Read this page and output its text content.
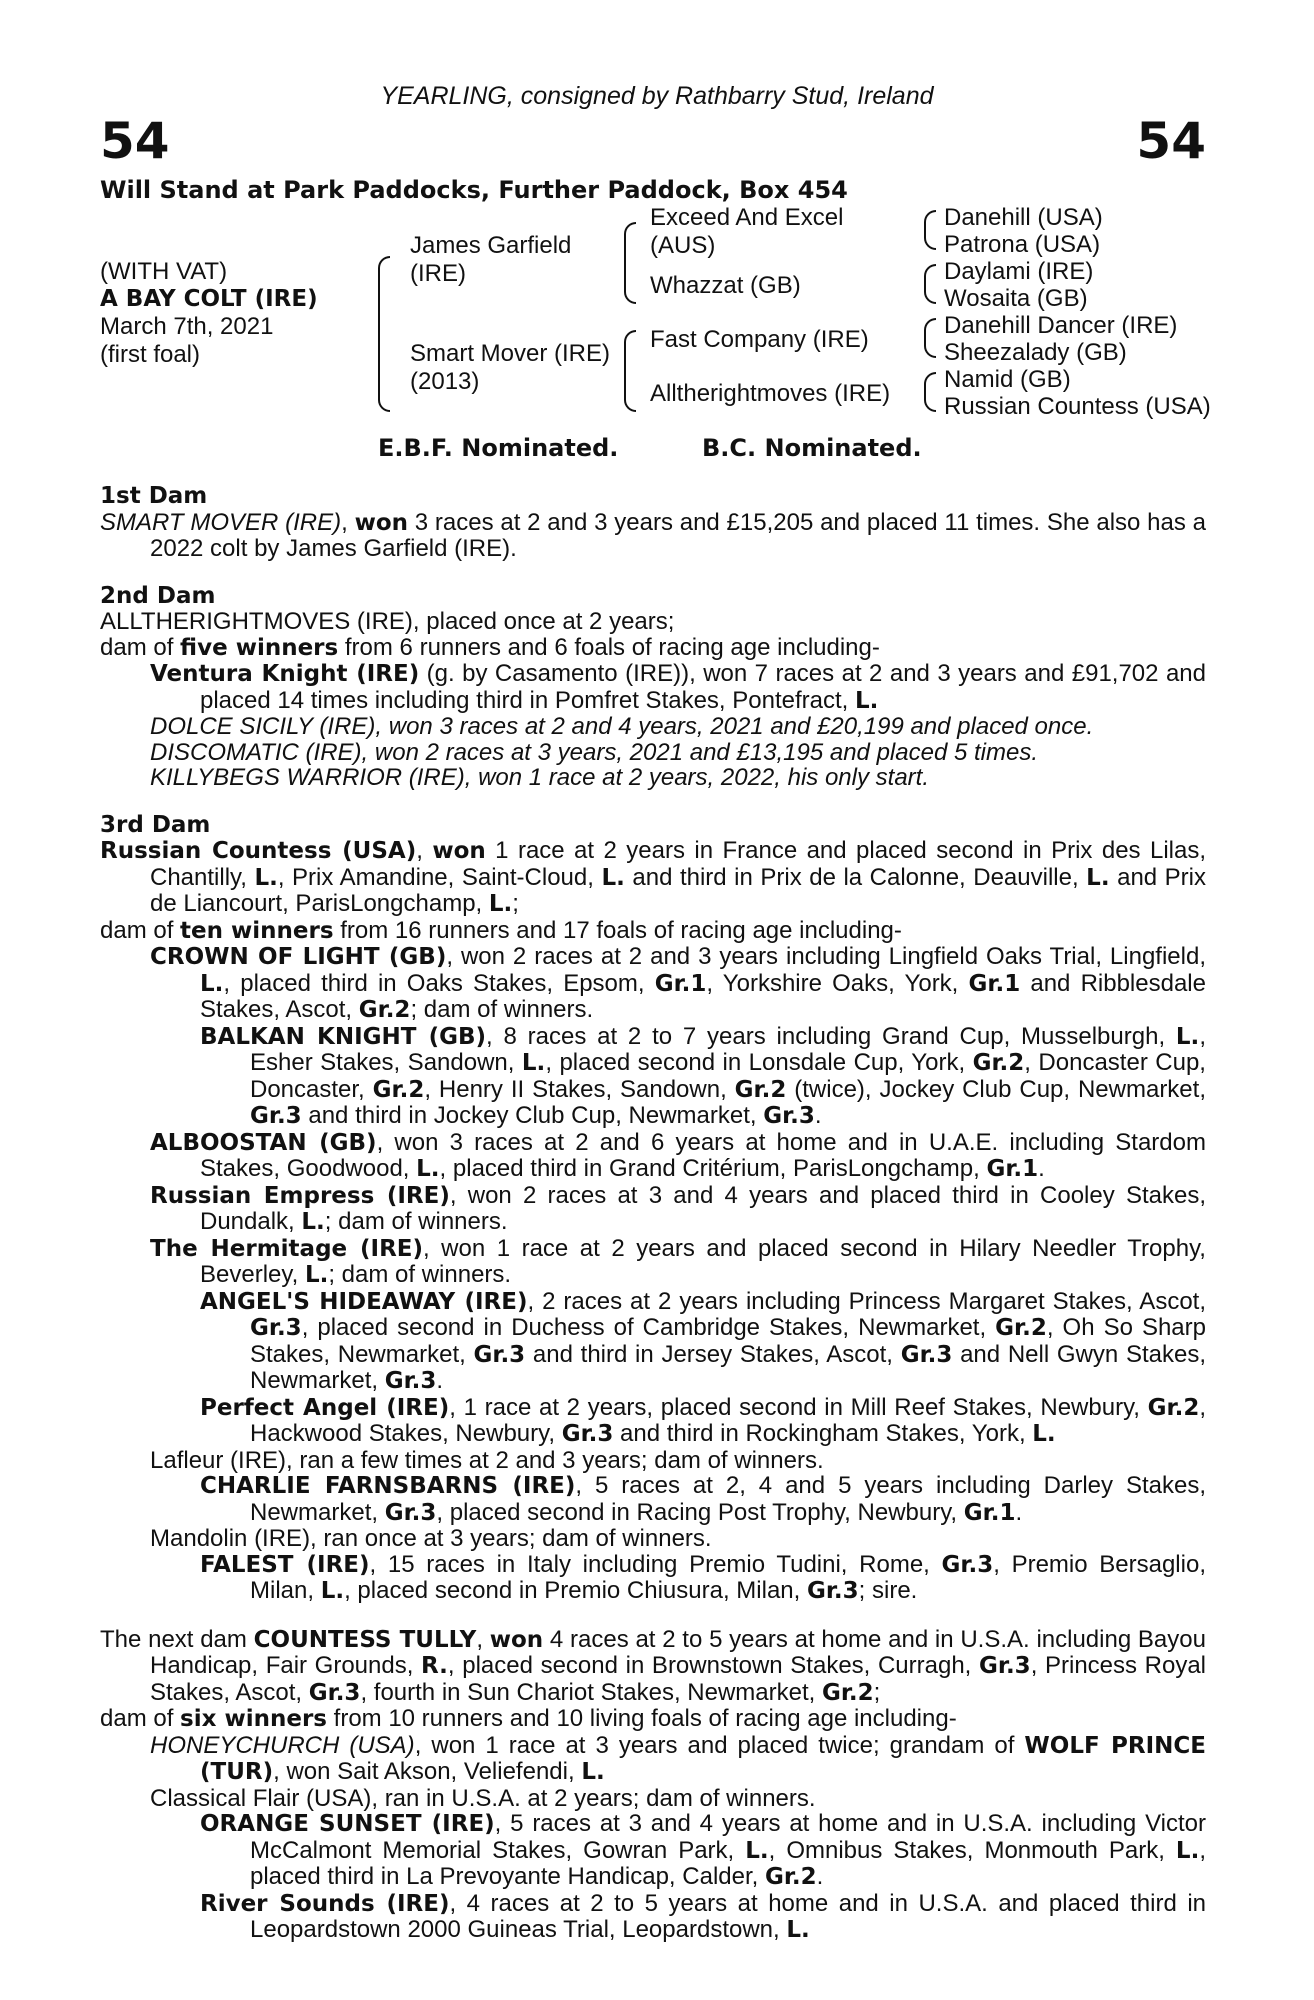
YEARLING, consigned by Rathbarry Stud, Ireland
54	54
Will Stand at Park Paddocks, Further Paddock, Box 454
(WITH VAT)
A BAY COLT (IRE)
March 7th, 2021
(first foal)
James Garfield
(IRE)
Smart Mover (IRE)
(2013)
Exceed And Excel
(AUS)
Whazzat (GB)
Fast Company (IRE)
Alltherightmoves (IRE)
Danehill (USA)
Patrona (USA)
Daylami (IRE)
Wosaita (GB)
Danehill Dancer (IRE)
Sheezalady (GB)
Namid (GB)
Russian Countess (USA)
E.B.F. Nominated.	B.C. Nominated.
1st Dam
SMART MOVER (IRE), won 3 races at 2 and 3 years and £15,205 and placed 11 times. She also has a 2022 colt by James Garfield (IRE).
2nd Dam
ALLTHERIGHTMOVES (IRE), placed once at 2 years;
dam of five winners from 6 runners and 6 foals of racing age including-
Ventura Knight (IRE) (g. by Casamento (IRE)), won 7 races at 2 and 3 years and £91,702 and placed 14 times including third in Pomfret Stakes, Pontefract, L.
DOLCE SICILY (IRE), won 3 races at 2 and 4 years, 2021 and £20,199 and placed once.
DISCOMATIC (IRE), won 2 races at 3 years, 2021 and £13,195 and placed 5 times.
KILLYBEGS WARRIOR (IRE), won 1 race at 2 years, 2022, his only start.
3rd Dam
Russian Countess (USA), won 1 race at 2 years in France and placed second in Prix des Lilas, Chantilly, L., Prix Amandine, Saint-Cloud, L. and third in Prix de la Calonne, Deauville, L. and Prix de Liancourt, ParisLongchamp, L.;
dam of ten winners from 16 runners and 17 foals of racing age including-
CROWN OF LIGHT (GB), won 2 races at 2 and 3 years including Lingfield Oaks Trial, Lingfield, L., placed third in Oaks Stakes, Epsom, Gr.1, Yorkshire Oaks, York, Gr.1 and Ribblesdale Stakes, Ascot, Gr.2; dam of winners.
BALKAN KNIGHT (GB), 8 races at 2 to 7 years including Grand Cup, Musselburgh, L., Esher Stakes, Sandown, L., placed second in Lonsdale Cup, York, Gr.2, Doncaster Cup, Doncaster, Gr.2, Henry II Stakes, Sandown, Gr.2 (twice), Jockey Club Cup, Newmarket, Gr.3 and third in Jockey Club Cup, Newmarket, Gr.3.
ALBOOSTAN (GB), won 3 races at 2 and 6 years at home and in U.A.E. including Stardom Stakes, Goodwood, L., placed third in Grand Critérium, ParisLongchamp, Gr.1.
Russian Empress (IRE), won 2 races at 3 and 4 years and placed third in Cooley Stakes, Dundalk, L.; dam of winners.
The Hermitage (IRE), won 1 race at 2 years and placed second in Hilary Needler Trophy, Beverley, L.; dam of winners.
ANGEL'S HIDEAWAY (IRE), 2 races at 2 years including Princess Margaret Stakes, Ascot, Gr.3, placed second in Duchess of Cambridge Stakes, Newmarket, Gr.2, Oh So Sharp Stakes, Newmarket, Gr.3 and third in Jersey Stakes, Ascot, Gr.3 and Nell Gwyn Stakes, Newmarket, Gr.3.
Perfect Angel (IRE), 1 race at 2 years, placed second in Mill Reef Stakes, Newbury, Gr.2, Hackwood Stakes, Newbury, Gr.3 and third in Rockingham Stakes, York, L.
Lafleur (IRE), ran a few times at 2 and 3 years; dam of winners.
CHARLIE FARNSBARNS (IRE), 5 races at 2, 4 and 5 years including Darley Stakes, Newmarket, Gr.3, placed second in Racing Post Trophy, Newbury, Gr.1.
Mandolin (IRE), ran once at 3 years; dam of winners.
FALEST (IRE), 15 races in Italy including Premio Tudini, Rome, Gr.3, Premio Bersaglio, Milan, L., placed second in Premio Chiusura, Milan, Gr.3; sire.
The next dam COUNTESS TULLY, won 4 races at 2 to 5 years at home and in U.S.A. including Bayou Handicap, Fair Grounds, R., placed second in Brownstown Stakes, Curragh, Gr.3, Princess Royal Stakes, Ascot, Gr.3, fourth in Sun Chariot Stakes, Newmarket, Gr.2;
dam of six winners from 10 runners and 10 living foals of racing age including-
HONEYCHURCH (USA), won 1 race at 3 years and placed twice; grandam of WOLF PRINCE (TUR), won Sait Akson, Veliefendi, L.
Classical Flair (USA), ran in U.S.A. at 2 years; dam of winners.
ORANGE SUNSET (IRE), 5 races at 3 and 4 years at home and in U.S.A. including Victor McCalmont Memorial Stakes, Gowran Park, L., Omnibus Stakes, Monmouth Park, L., placed third in La Prevoyante Handicap, Calder, Gr.2.
River Sounds (IRE), 4 races at 2 to 5 years at home and in U.S.A. and placed third in Leopardstown 2000 Guineas Trial, Leopardstown, L.
